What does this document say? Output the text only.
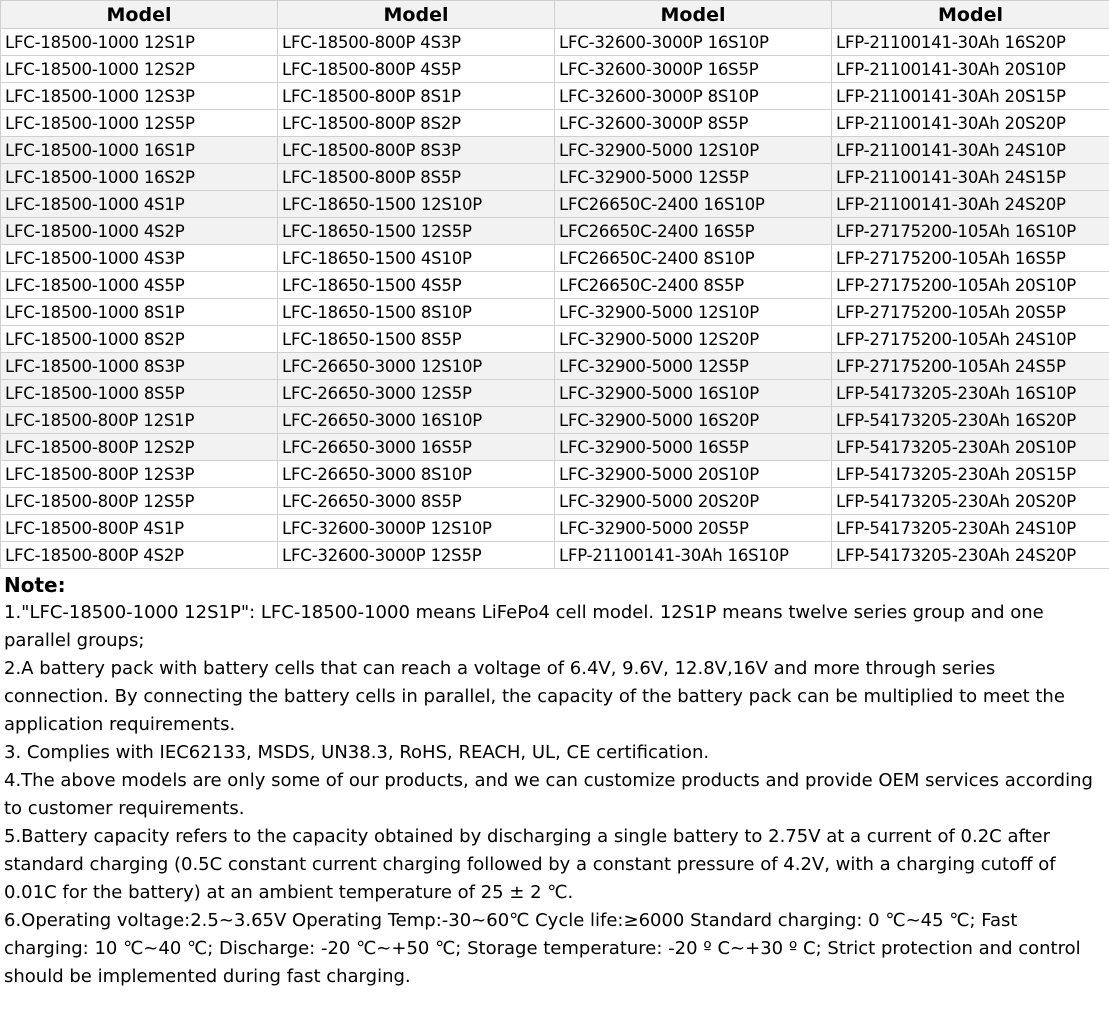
Model	Model	Model	Model
LFC-18500-1000 12S1P	LFC-18500-800P 4S3P	LFC-32600-3000P 16S10P	LFP-21100141-30Ah 16S20P
LFC-18500-1000 12S2P	LFC-18500-800P 4S5P	LFC-32600-3000P 16S5P	LFP-21100141-30Ah 20S10P
LFC-18500-1000 12S3P	LFC-18500-800P 8S1P	LFC-32600-3000P 8S10P	LFP-21100141-30Ah 20S15P
LFC-18500-1000 12S5P	LFC-18500-800P 8S2P	LFC-32600-3000P 8S5P	LFP-21100141-30Ah 20S20P
LFC-18500-1000 16S1P	LFC-18500-800P 8S3P	LFC-32900-5000 12S10P	LFP-21100141-30Ah 24S10P
LFC-18500-1000 16S2P	LFC-18500-800P 8S5P	LFC-32900-5000 12S5P	LFP-21100141-30Ah 24S15P
LFC-18500-1000 4S1P	LFC-18650-1500 12S10P	LFC26650C-2400 16S10P	LFP-21100141-30Ah 24S20P
LFC-18500-1000 4S2P	LFC-18650-1500 12S5P	LFC26650C-2400 16S5P	LFP-27175200-105Ah 16S10P
LFC-18500-1000 4S3P	LFC-18650-1500 4S10P	LFC26650C-2400 8S10P	LFP-27175200-105Ah 16S5P
LFC-18500-1000 4S5P	LFC-18650-1500 4S5P	LFC26650C-2400 8S5P	LFP-27175200-105Ah 20S10P
LFC-18500-1000 8S1P	LFC-18650-1500 8S10P	LFC-32900-5000 12S10P	LFP-27175200-105Ah 20S5P
LFC-18500-1000 8S2P	LFC-18650-1500 8S5P	LFC-32900-5000 12S20P	LFP-27175200-105Ah 24S10P
LFC-18500-1000 8S3P	LFC-26650-3000 12S10P	LFC-32900-5000 12S5P	LFP-27175200-105Ah 24S5P
LFC-18500-1000 8S5P	LFC-26650-3000 12S5P	LFC-32900-5000 16S10P	LFP-54173205-230Ah 16S10P
LFC-18500-800P 12S1P	LFC-26650-3000 16S10P	LFC-32900-5000 16S20P	LFP-54173205-230Ah 16S20P
LFC-18500-800P 12S2P	LFC-26650-3000 16S5P	LFC-32900-5000 16S5P	LFP-54173205-230Ah 20S10P
LFC-18500-800P 12S3P	LFC-26650-3000 8S10P	LFC-32900-5000 20S10P	LFP-54173205-230Ah 20S15P
LFC-18500-800P 12S5P	LFC-26650-3000 8S5P	LFC-32900-5000 20S20P	LFP-54173205-230Ah 20S20P
LFC-18500-800P 4S1P	LFC-32600-3000P 12S10P	LFC-32900-5000 20S5P	LFP-54173205-230Ah 24S10P
LFC-18500-800P 4S2P	LFC-32600-3000P 12S5P	LFP-21100141-30Ah 16S10P	LFP-54173205-230Ah 24S20P
Note:

1."LFC-18500-1000 12S1P": LFC-18500-1000 means LiFePo4 cell model. 12S1P means twelve series group and one parallel groups;

2.A battery pack with battery cells that can reach a voltage of 6.4V, 9.6V, 12.8V,16V and more through series connection. By connecting the battery cells in parallel, the capacity of the battery pack can be multiplied to meet the application requirements.

3. Complies with IEC62133, MSDS, UN38.3, RoHS, REACH, UL, CE certification.

4.The above models are only some of our products, and we can customize products and provide OEM services according to customer requirements.

5.Battery capacity refers to the capacity obtained by discharging a single battery to 2.75V at a current of 0.2C after standard charging (0.5C constant current charging followed by a constant pressure of 4.2V, with a charging cutoff of 0.01C for the battery) at an ambient temperature of 25 ± 2 ℃.

6.Operating voltage:2.5~3.65V Operating Temp:-30~60℃ Cycle life:≥6000 Standard charging: 0 ℃~45 ℃; Fast charging: 10 ℃~40 ℃; Discharge: -20 ℃~+50 ℃; Storage temperature: -20 º C~+30 º C; Strict protection and control should be implemented during fast charging.
